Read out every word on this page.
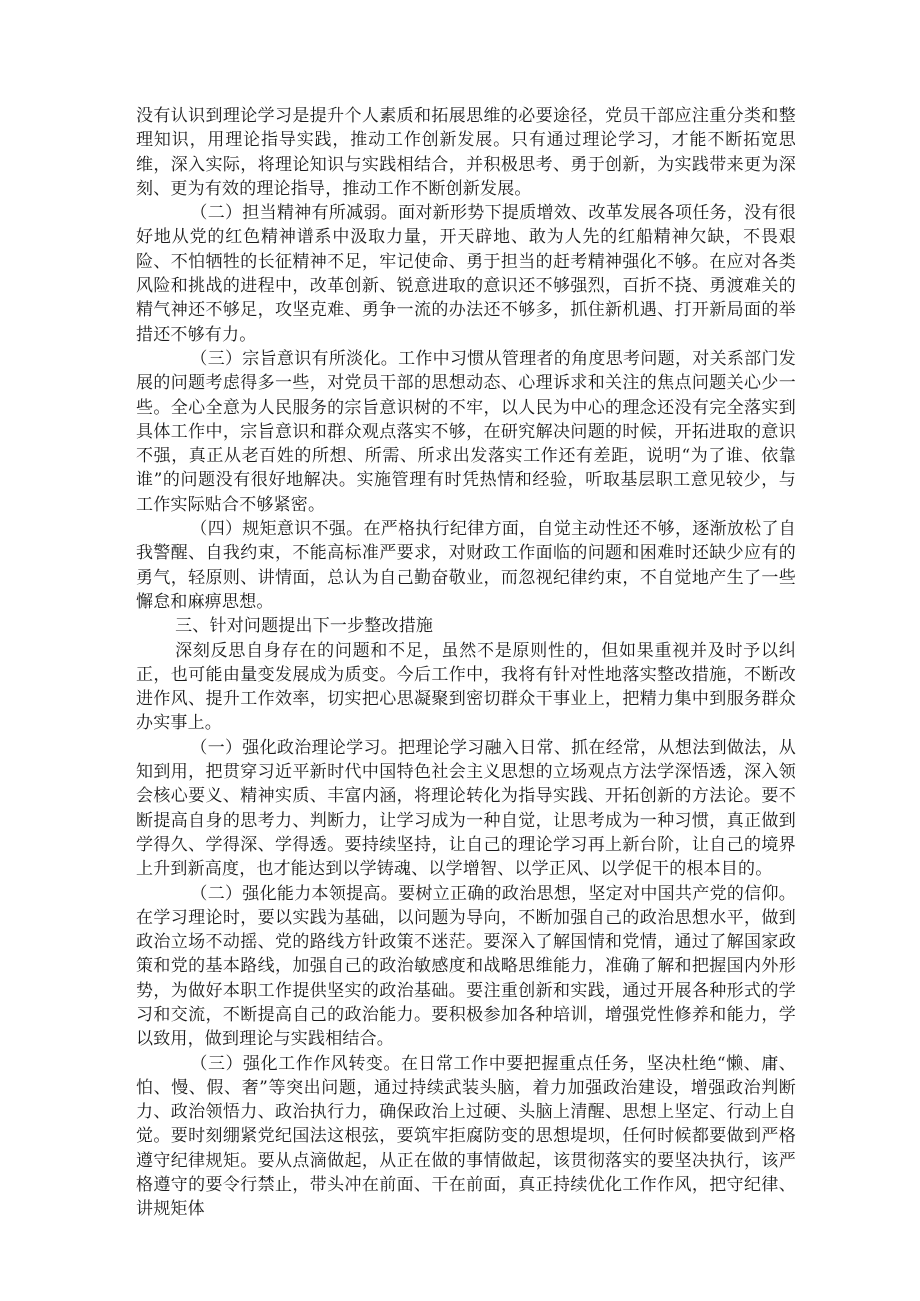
没有认识到理论学习是提升个人素质和拓展思维的必要途径，党员干部应注重分类和整理知识，用理论指导实践，推动工作创新发展。只有通过理论学习，才能不断拓宽思维，深入实际，将理论知识与实践相结合，并积极思考、勇于创新，为实践带来更为深刻、更为有效的理论指导，推动工作不断创新发展。

（二）担当精神有所减弱。面对新形势下提质增效、改革发展各项任务，没有很好地从党的红色精神谱系中汲取力量，开天辟地、敢为人先的红船精神欠缺，不畏艰险、不怕牺牲的长征精神不足，牢记使命、勇于担当的赶考精神强化不够。在应对各类风险和挑战的进程中，改革创新、锐意进取的意识还不够强烈，百折不挠、勇渡难关的精气神还不够足，攻坚克难、勇争一流的办法还不够多，抓住新机遇、打开新局面的举措还不够有力。

（三）宗旨意识有所淡化。工作中习惯从管理者的角度思考问题，对关系部门发展的问题考虑得多一些，对党员干部的思想动态、心理诉求和关注的焦点问题关心少一些。全心全意为人民服务的宗旨意识树的不牢，以人民为中心的理念还没有完全落实到具体工作中，宗旨意识和群众观点落实不够，在研究解决问题的时候，开拓进取的意识不强，真正从老百姓的所想、所需、所求出发落实工作还有差距，说明“为了谁、依靠谁”的问题没有很好地解决。实施管理有时凭热情和经验，听取基层职工意见较少，与工作实际贴合不够紧密。

（四）规矩意识不强。在严格执行纪律方面，自觉主动性还不够，逐渐放松了自我警醒、自我约束，不能高标准严要求，对财政工作面临的问题和困难时还缺少应有的勇气，轻原则、讲情面，总认为自己勤奋敬业，而忽视纪律约束，不自觉地产生了一些懈怠和麻痹思想。

三、针对问题提出下一步整改措施

深刻反思自身存在的问题和不足，虽然不是原则性的，但如果重视并及时予以纠正，也可能由量变发展成为质变。今后工作中，我将有针对性地落实整改措施，不断改进作风、提升工作效率，切实把心思凝聚到密切群众干事业上，把精力集中到服务群众办实事上。

（一）强化政治理论学习。把理论学习融入日常、抓在经常，从想法到做法，从知到用，把贯穿习近平新时代中国特色社会主义思想的立场观点方法学深悟透，深入领会核心要义、精神实质、丰富内涵，将理论转化为指导实践、开拓创新的方法论。要不断提高自身的思考力、判断力，让学习成为一种自觉，让思考成为一种习惯，真正做到学得久、学得深、学得透。要持续坚持，让自己的理论学习再上新台阶，让自己的境界上升到新高度，也才能达到以学铸魂、以学增智、以学正风、以学促干的根本目的。

（二）强化能力本领提高。要树立正确的政治思想，坚定对中国共产党的信仰。在学习理论时，要以实践为基础，以问题为导向，不断加强自己的政治思想水平，做到政治立场不动摇、党的路线方针政策不迷茫。要深入了解国情和党情，通过了解国家政策和党的基本路线，加强自己的政治敏感度和战略思维能力，准确了解和把握国内外形势，为做好本职工作提供坚实的政治基础。要注重创新和实践，通过开展各种形式的学习和交流，不断提高自己的政治能力。要积极参加各种培训，增强党性修养和能力，学以致用，做到理论与实践相结合。

（三）强化工作作风转变。在日常工作中要把握重点任务，坚决杜绝“懒、庸、怕、慢、假、奢”等突出问题，通过持续武装头脑，着力加强政治建设，增强政治判断力、政治领悟力、政治执行力，确保政治上过硬、头脑上清醒、思想上坚定、行动上自觉。要时刻绷紧党纪国法这根弦，要筑牢拒腐防变的思想堤坝，任何时候都要做到严格遵守纪律规矩。要从点滴做起，从正在做的事情做起，该贯彻落实的要坚决执行，该严格遵守的要令行禁止，带头冲在前面、干在前面，真正持续优化工作作风，把守纪律、讲规矩体
